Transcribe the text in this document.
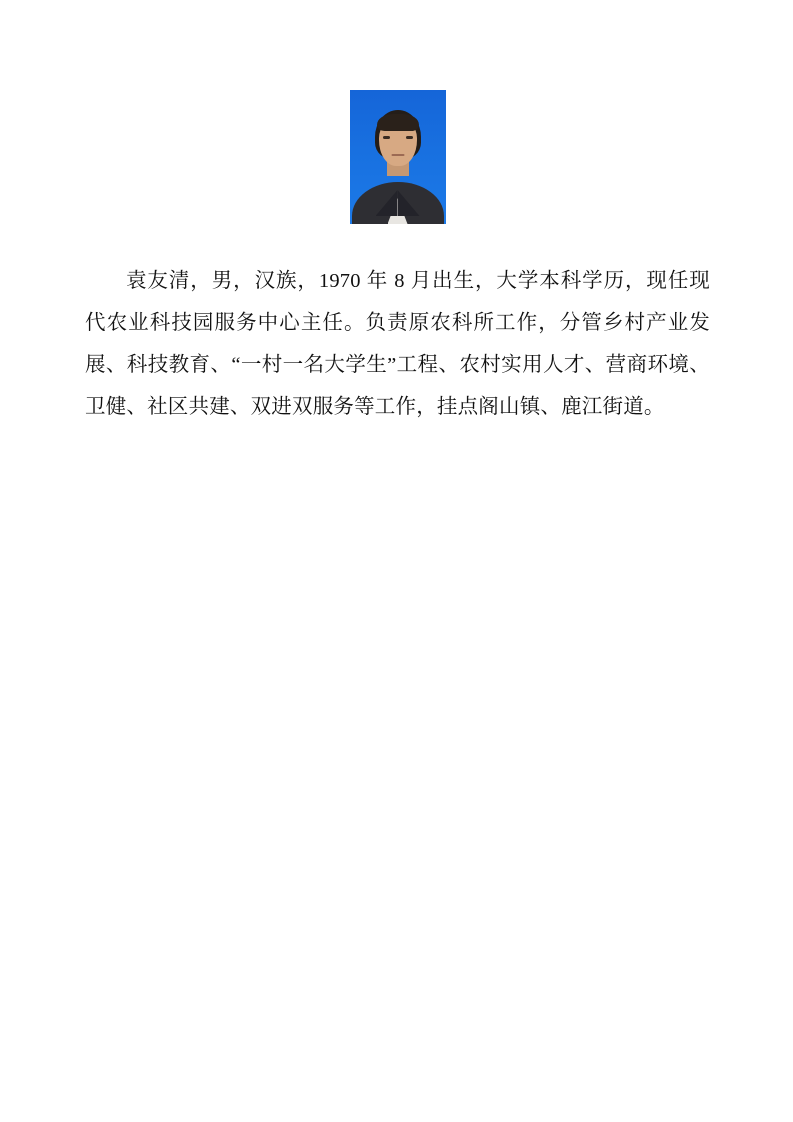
袁友清，男，汉族，1970 年 8 月出生，大学本科学历，现任现代农业科技园服务中心主任。负责原农科所工作，分管乡村产业发展、科技教育、“一村一名大学生”工程、农村实用人才、营商环境、卫健、社区共建、双进双服务等工作，挂点阁山镇、鹿江街道。
